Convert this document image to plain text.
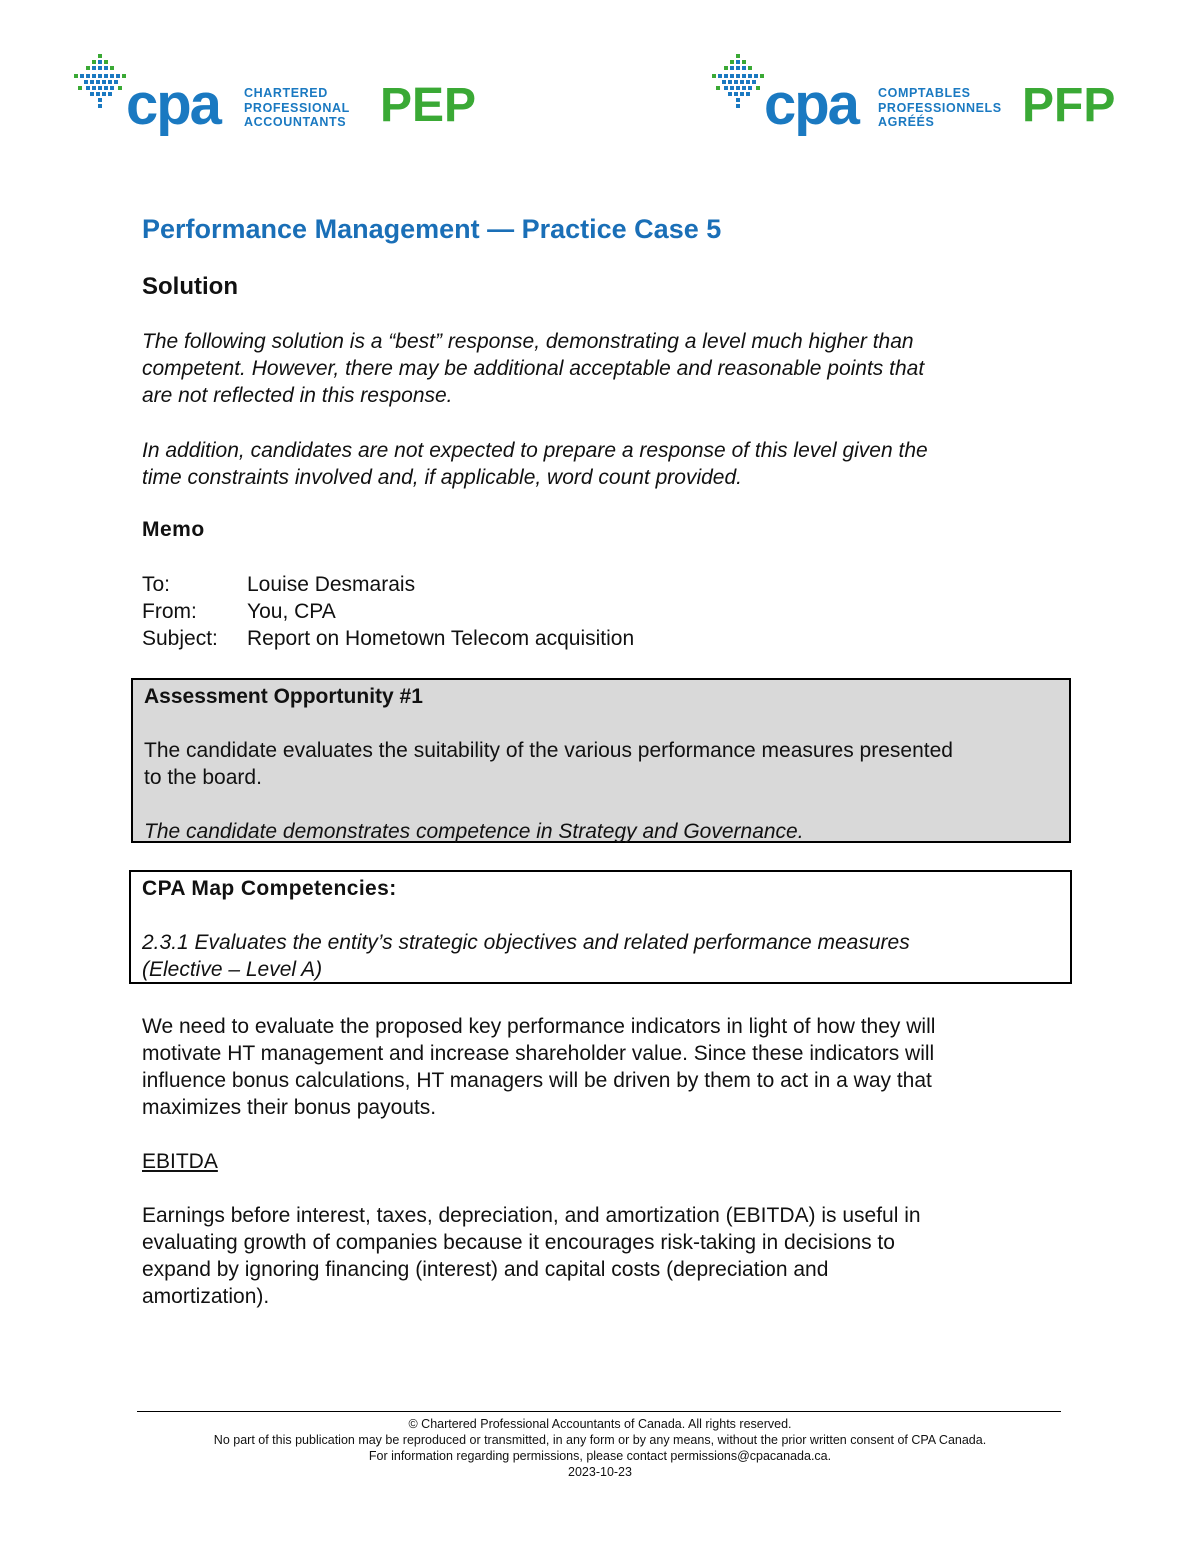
cpa CHARTERED
PROFESSIONAL
ACCOUNTANTS PEP	cpa COMPTABLES
PROFESSIONNELS
AGRÉÉS	PFP
Performance Management — Practice Case 5
Solution
The following solution is a “best” response, demonstrating a level much higher than
competent. However, there may be additional acceptable and reasonable points that
are not reflected in this response.
In addition, candidates are not expected to prepare a response of this level given the
time constraints involved and, if applicable, word count provided.
Memo
To:	Louise Desmarais
From: You, CPA
Subject: Report on Hometown Telecom acquisition
Assessment Opportunity #1

The candidate evaluates the suitability of the various performance measures presented

to the board.

The candidate demonstrates competence in Strategy and Governance.

CPA Map Competencies:

2.3.1 Evaluates the entity’s strategic objectives and related performance measures

(Elective – Level A)

We need to evaluate the proposed key performance indicators in light of how they will
motivate HT management and increase shareholder value. Since these indicators will
influence bonus calculations, HT managers will be driven by them to act in a way that
maximizes their bonus payouts.
EBITDA
Earnings before interest, taxes, depreciation, and amortization (EBITDA) is useful in
evaluating growth of companies because it encourages risk-taking in decisions to
expand by ignoring financing (interest) and capital costs (depreciation and
amortization).
© Chartered Professional Accountants of Canada. All rights reserved.
No part of this publication may be reproduced or transmitted, in any form or by any means, without the prior written consent of CPA Canada.
For information regarding permissions, please contact permissions@cpacanada.ca.
2023-10-23
